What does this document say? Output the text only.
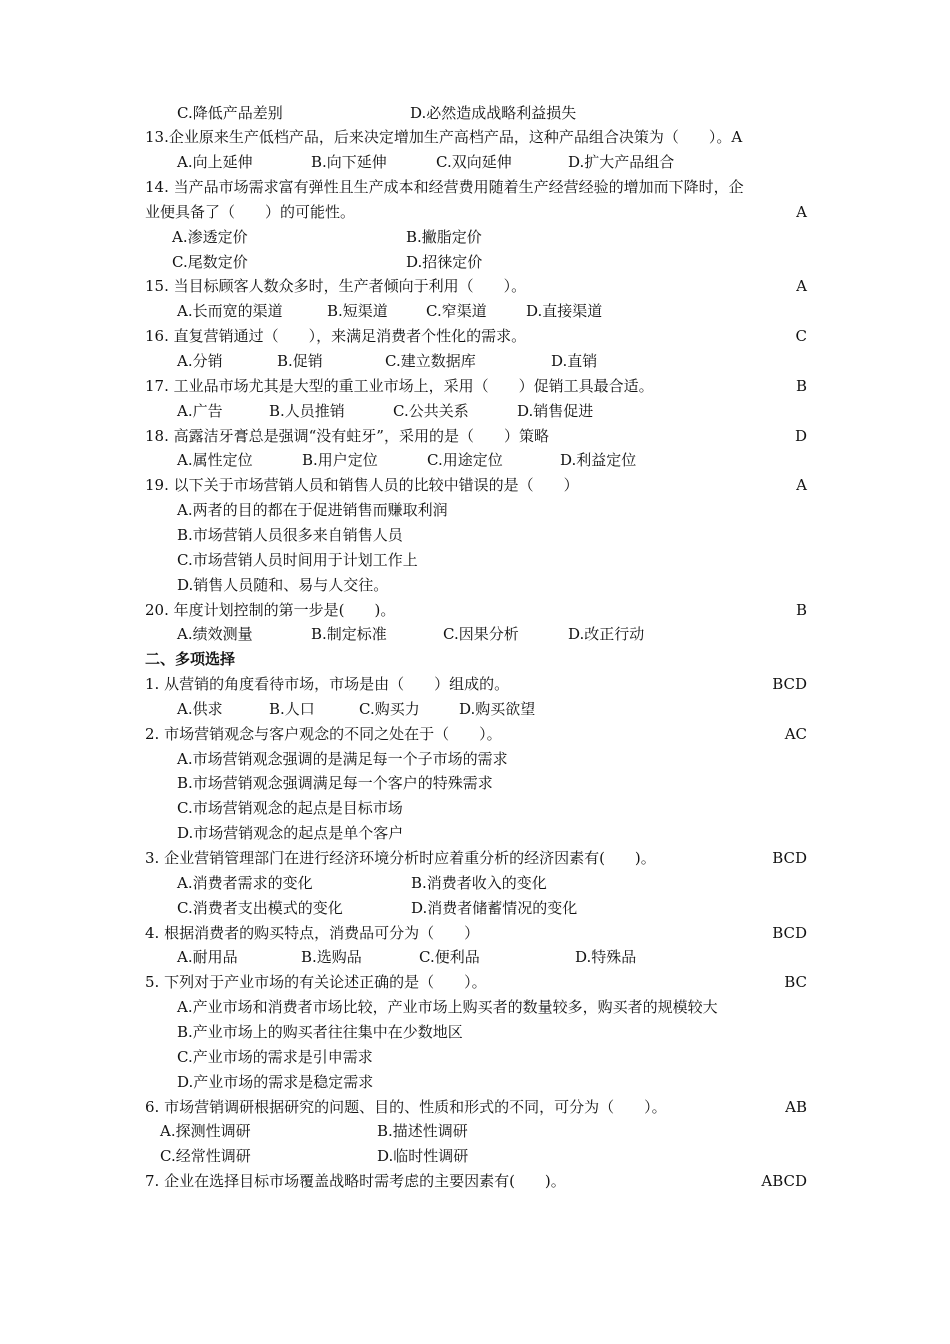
C.降低产品差别	D.必然造成战略利益损失
13.企业原来生产低档产品，后来决定增加生产高档产品，这种产品组合决策为（　　）。A
A.向上延伸	B.向下延伸	C.双向延伸	D.扩大产品组合
14. 当产品市场需求富有弹性且生产成本和经营费用随着生产经营经验的增加而下降时，企
业便具备了（　　）的可能性。	A
A.渗透定价	B.撇脂定价
C.尾数定价	D.招徕定价
15. 当目标顾客人数众多时，生产者倾向于利用（　　）。	A
A.长而宽的渠道	B.短渠道	C.窄渠道	D.直接渠道
16. 直复营销通过（　　），来满足消费者个性化的需求。	C
A.分销	B.促销	C.建立数据库	D.直销
17. 工业品市场尤其是大型的重工业市场上，采用（　　）促销工具最合适。	B
A.广告	B.人员推销	C.公共关系	D.销售促进
18. 高露洁牙膏总是强调“没有蛀牙”，采用的是（　　）策略	D
A.属性定位	B.用户定位	C.用途定位	D.利益定位
19. 以下关于市场营销人员和销售人员的比较中错误的是（　　）	A
A.两者的目的都在于促进销售而赚取利润
B.市场营销人员很多来自销售人员
C.市场营销人员时间用于计划工作上
D.销售人员随和、易与人交往。
20. 年度计划控制的第一步是(　　)。	B
A.绩效测量	B.制定标准	C.因果分析	D.改正行动
二、多项选择
1. 从营销的角度看待市场，市场是由（　　）组成的。	BCD
A.供求	B.人口	C.购买力	D.购买欲望
2. 市场营销观念与客户观念的不同之处在于（　　）。	AC
A.市场营销观念强调的是满足每一个子市场的需求
B.市场营销观念强调满足每一个客户的特殊需求
C.市场营销观念的起点是目标市场
D.市场营销观念的起点是单个客户
3. 企业营销管理部门在进行经济环境分析时应着重分析的经济因素有(　　)。	BCD
A.消费者需求的变化	B.消费者收入的变化
C.消费者支出模式的变化	D.消费者储蓄情况的变化
4. 根据消费者的购买特点，消费品可分为（　　）	BCD
A.耐用品	B.选购品	C.便利品	D.特殊品
5. 下列对于产业市场的有关论述正确的是（　　）。	BC
A.产业市场和消费者市场比较，产业市场上购买者的数量较多，购买者的规模较大
B.产业市场上的购买者往往集中在少数地区
C.产业市场的需求是引申需求
D.产业市场的需求是稳定需求
6. 市场营销调研根据研究的问题、目的、性质和形式的不同，可分为（　　）。	AB
A.探测性调研	B.描述性调研
C.经常性调研	D.临时性调研
7. 企业在选择目标市场覆盖战略时需考虑的主要因素有(　　)。	ABCD
